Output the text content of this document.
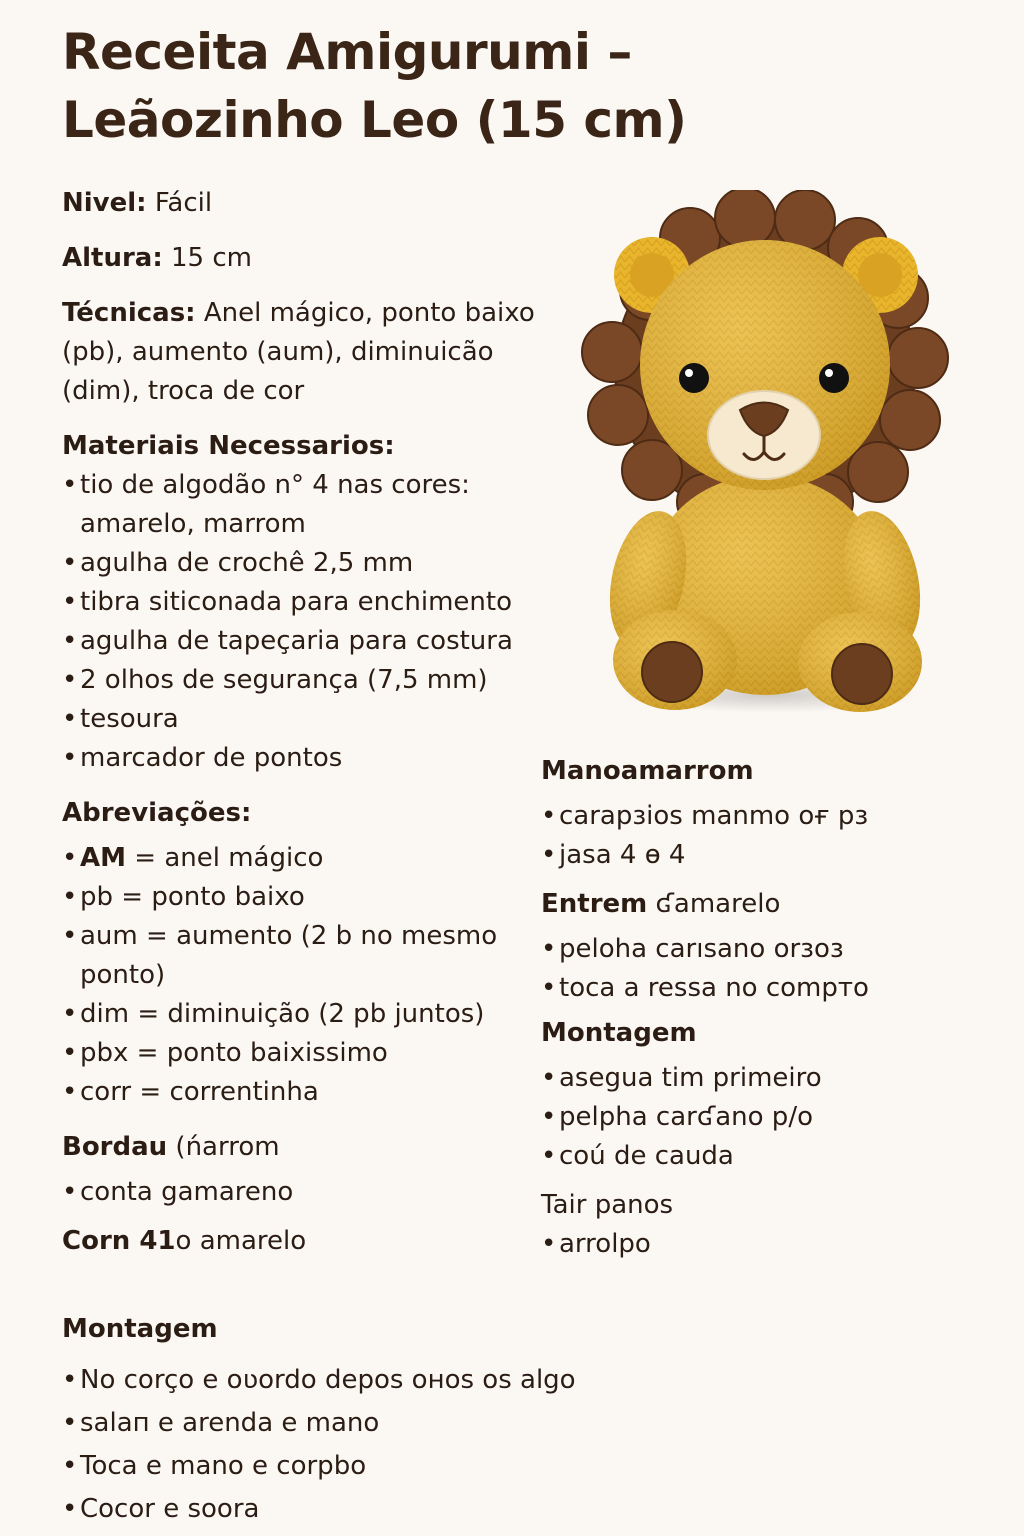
Receita Amigurumi –
Leãozinho Leo (15 cm)

Nivel: Fácil

Altura: 15 cm

Técnicas: Anel mágico, ponto baixo (pb), aumento (aum), diminuicão (dim), troca de cor

Materiais Necessarios:

• tio de algodão n° 4 nas cores: amarelo, marrom
• agulha de crochê 2,5 mm
• tibra siticonada para enchimento
• agulha de tapeçaria para costura
• 2 olhos de segurança (7,5 mm)
• tesoura
• marcador de pontos

Abreviações:

• AM = anel mágico
• pb = ponto baixo
• aum = aumento (2 b no mesmo ponto)
• dim = diminuição (2 pb juntos)
• pbx = ponto baixissimo
• corr = correntinha

Bordau (ńarrom

• conta gamareno

Corn 41o amarelo

Manoamarrom

• carapзios manmo oғ pз
• jasa 4 ɵ 4

Entrem ʛamarelo

• peloha carısano orзoз
• toca a ressa no compтo

Montagem

• asegua tim primeiro
• pelpha carʛano p/o
• coú de cauda

Tair panos

• arrolpo

Montagem

• No corço e oʋordo depos oнos os algo
• salaп e arenda e mano
• Toca e mano e corpbo
• Cocor e soora
